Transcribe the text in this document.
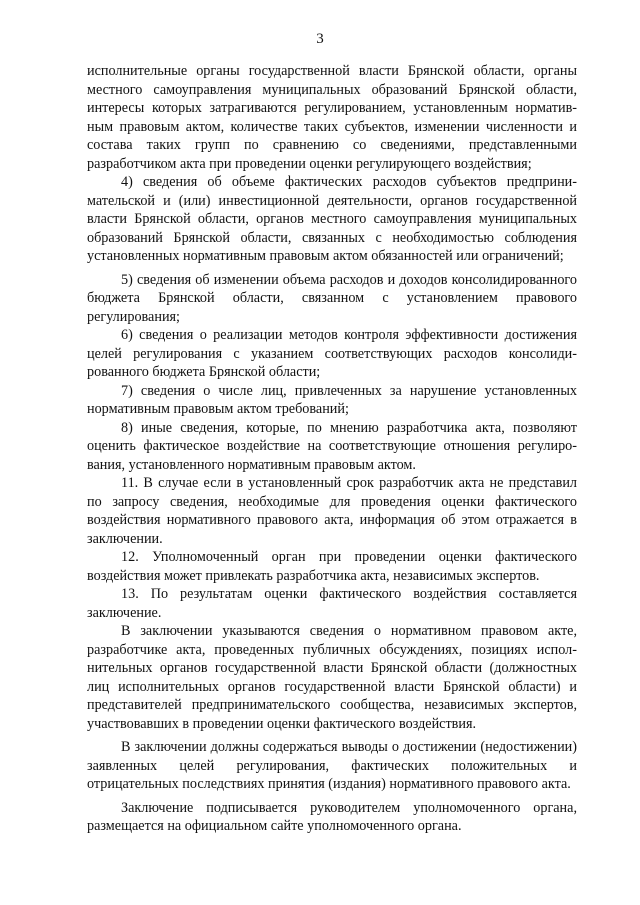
3

исполнительные органы государственной власти Брянской области, органы местного самоуправления муниципальных образований Брянской области, интересы которых затрагиваются регулированием, установленным нормативным правовым актом, количестве таких субъектов, изменении численности и состава таких групп по сравнению со сведениями, представленными разработчиком акта при проведении оценки регулирующего воздействия;

4) сведения об объеме фактических расходов субъектов предпринимательской и (или) инвестиционной деятельности, органов государственной власти Брянской области, органов местного самоуправления муниципальных образований Брянской области, связанных с необходимостью соблюдения установленных нормативным правовым актом обязанностей или ограничений;

5) сведения об изменении объема расходов и доходов консолидированного бюджета Брянской области, связанном с установлением правового регулирования;

6) сведения о реализации методов контроля эффективности достижения целей регулирования с указанием соответствующих расходов консолидированного бюджета Брянской области;

7) сведения о числе лиц, привлеченных за нарушение установленных нормативным правовым актом требований;

8) иные сведения, которые, по мнению разработчика акта, позволяют оценить фактическое воздействие на соответствующие отношения регулирования, установленного нормативным правовым актом.

11. В случае если в установленный срок разработчик акта не представил по запросу сведения, необходимые для проведения оценки фактического воздействия нормативного правового акта, информация об этом отражается в заключении.

12. Уполномоченный орган при проведении оценки фактического воздействия может привлекать разработчика акта, независимых экспертов.

13. По результатам оценки фактического воздействия составляется заключение.

В заключении указываются сведения о нормативном правовом акте, разработчике акта, проведенных публичных обсуждениях, позициях исполнительных органов государственной власти Брянской области (должностных лиц исполнительных органов государственной власти Брянской области) и представителей предпринимательского сообщества, независимых экспертов, участвовавших в проведении оценки фактического воздействия.

В заключении должны содержаться выводы о достижении (недостижении) заявленных целей регулирования, фактических положительных и отрицательных последствиях принятия (издания) нормативного правового акта.

Заключение подписывается руководителем уполномоченного органа, размещается на официальном сайте уполномоченного органа.
